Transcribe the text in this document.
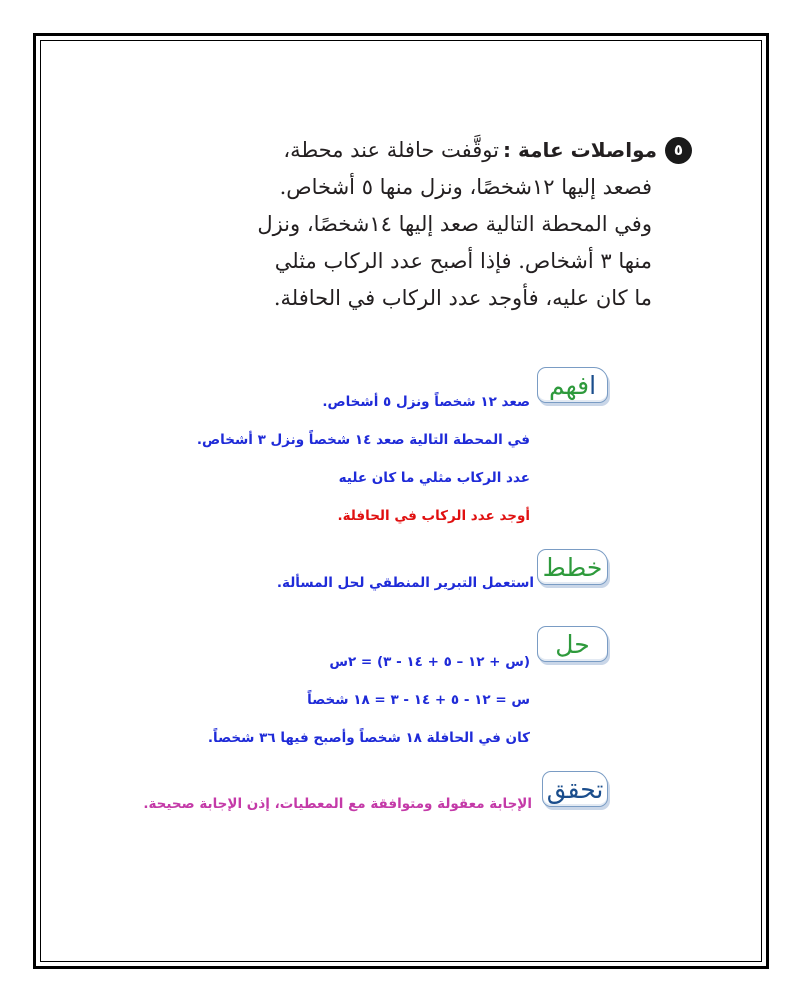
٥
مواصلات عامة :
توقَّفت حافلة عند محطة،
فصعد إليها ١٢شخصًا، ونزل منها ٥ أشخاص.
وفي المحطة التالية صعد إليها ١٤شخصًا، ونزل
منها ٣ أشخاص. فإذا أصبح عدد الركاب مثلي
ما كان عليه، فأوجد عدد الركاب في الحافلة.
افهم
صعد ١٢ شخصاً ونزل ٥ أشخاص.
في المحطة التالية صعد ١٤ شخصاً ونزل ٣ أشخاص.
عدد الركاب مثلي ما كان عليه
أوجد عدد الركاب في الحافلة.
خطط
استعمل التبرير المنطقي لحل المسألة.
حل
(س + ١٢ – ٥ + ١٤ - ٣) = ٢س
س = ١٢ - ٥ + ١٤ - ٣ = ١٨ شخصاً
كان في الحافلة ١٨ شخصاً وأصبح فيها ٣٦ شخصاً.
تحقق
الإجابة معقولة ومتوافقة مع المعطيات، إذن الإجابة صحيحة.
